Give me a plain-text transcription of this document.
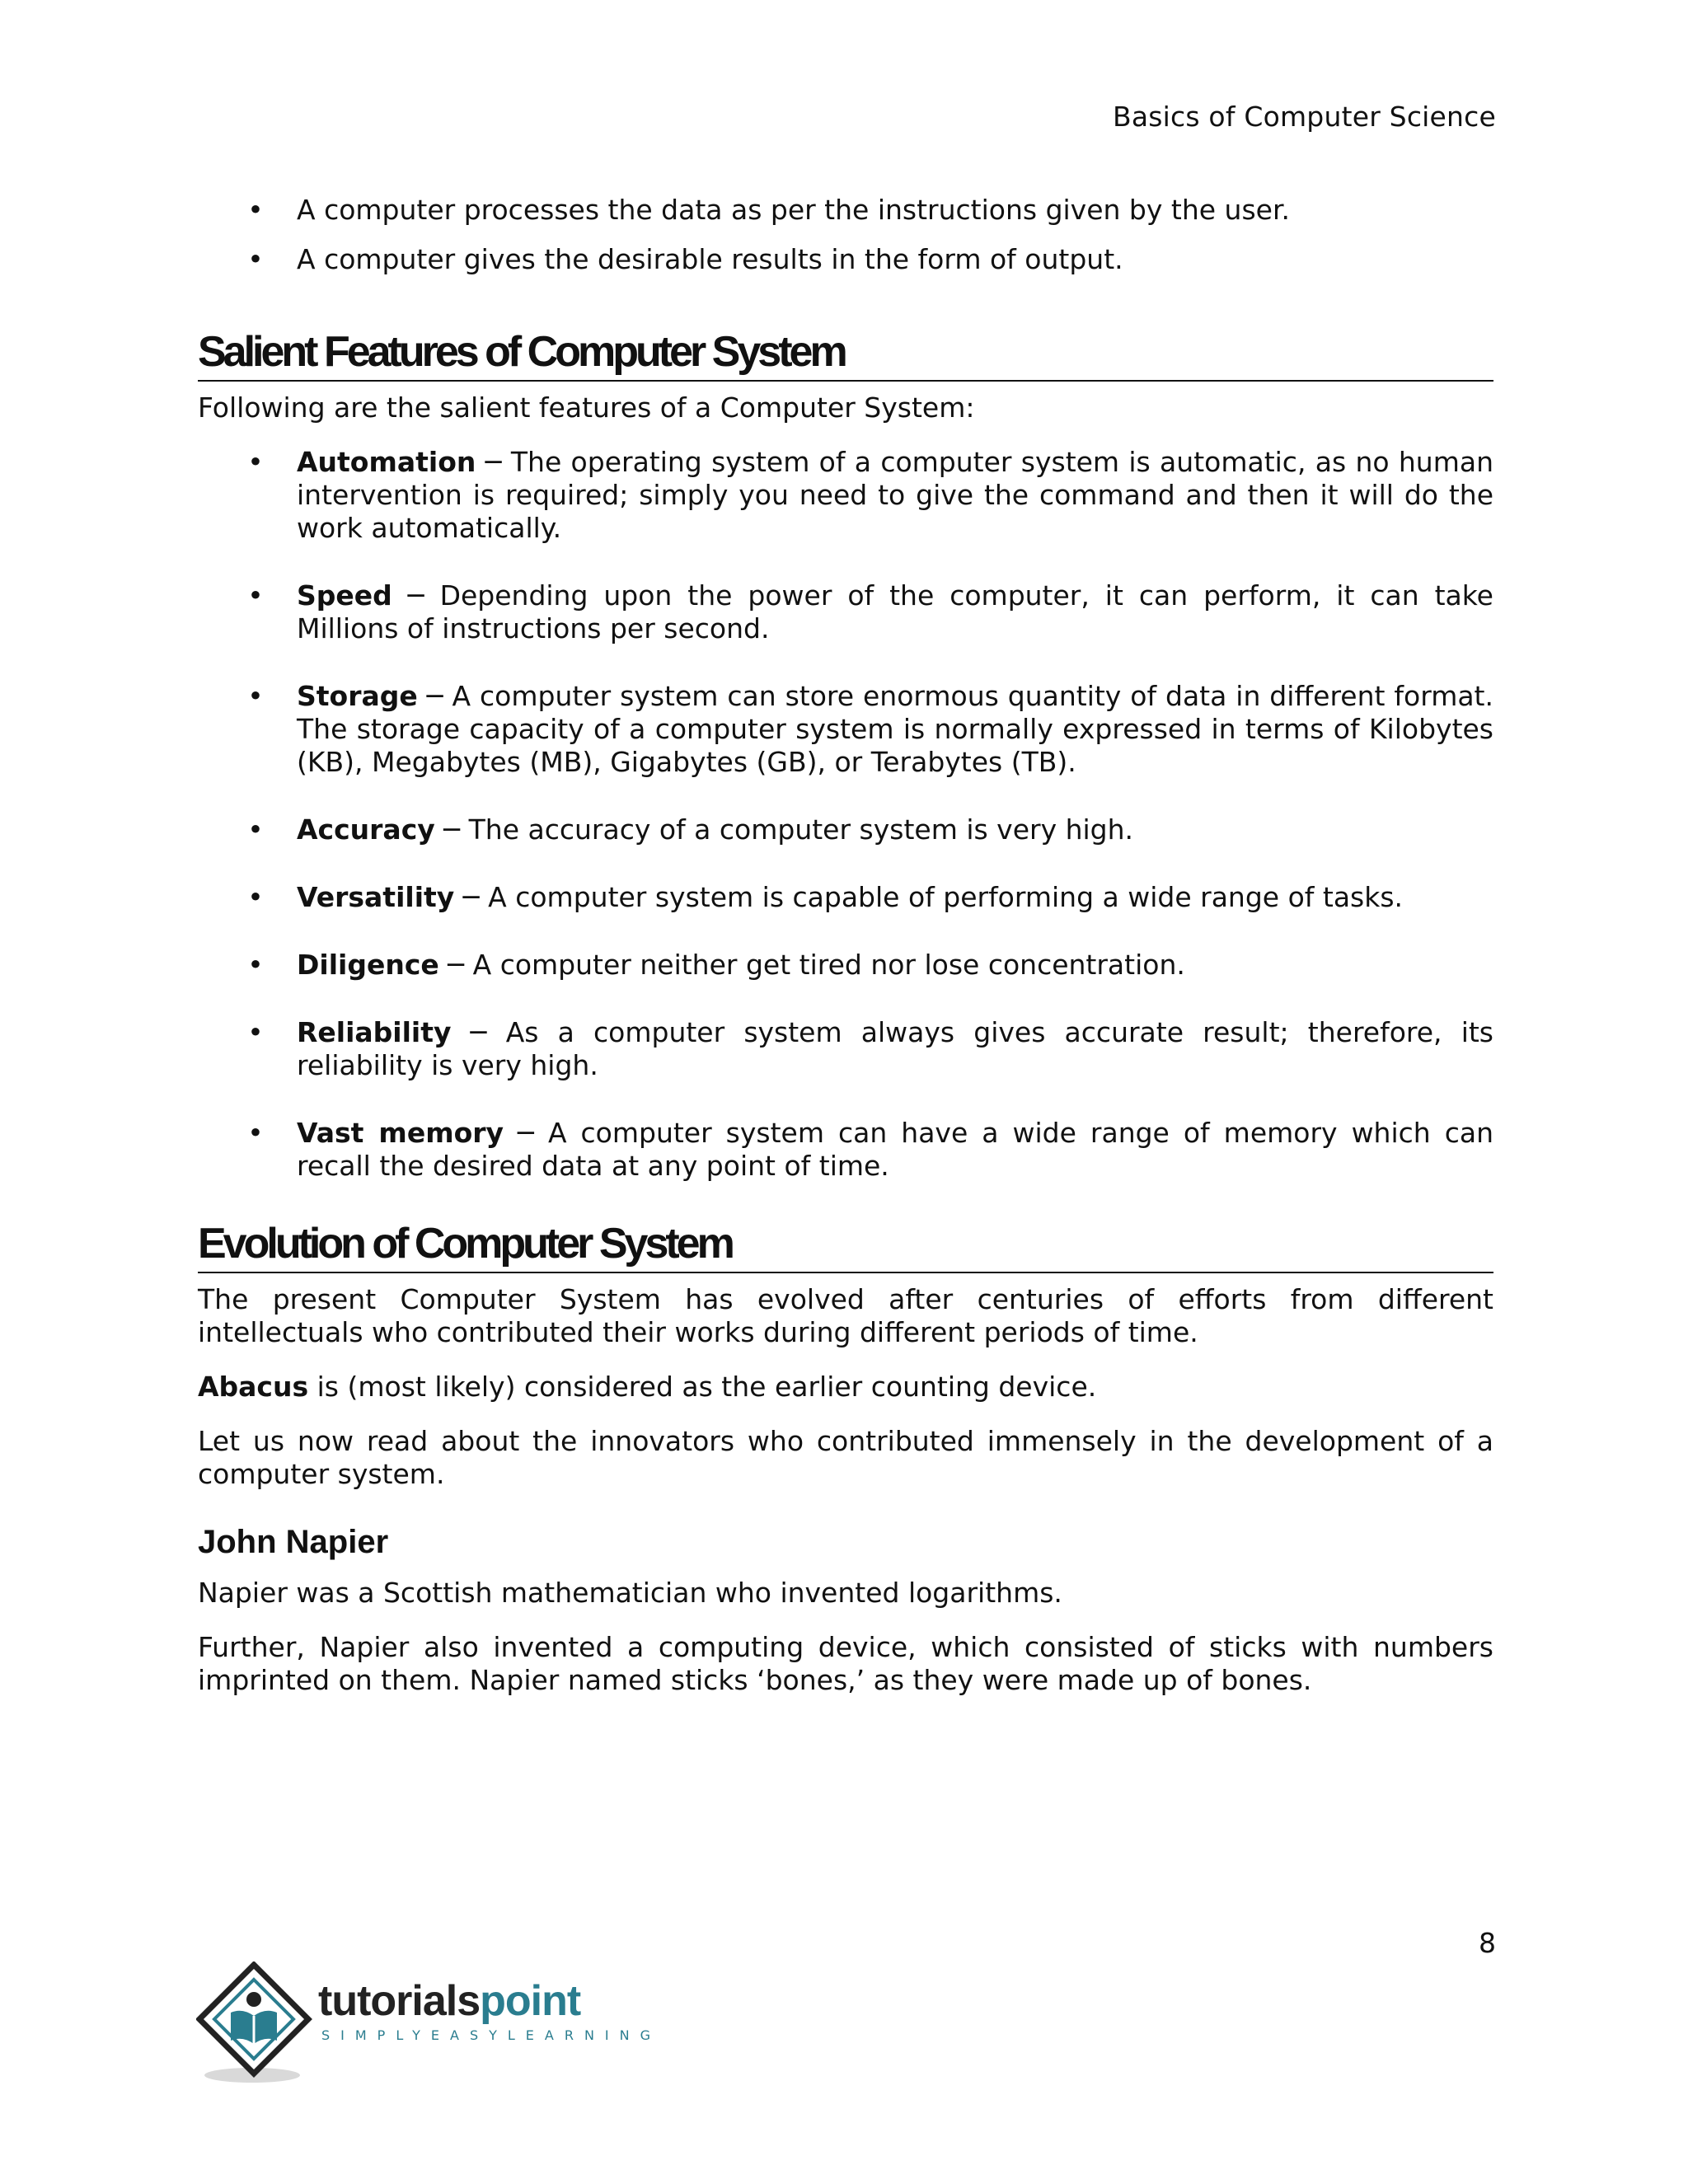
Basics of Computer Science
• A computer processes the data as per the instructions given by the user.
• A computer gives the desirable results in the form of output.
Salient Features of Computer System

Following are the salient features of a Computer System:

• Automation ─ The operating system of a computer system is automatic, as no human intervention is required; simply you need to give the command and then it will do the work automatically.
• Speed ─ Depending upon the power of the computer, it can perform, it can take Millions of instructions per second.
• Storage ─ A computer system can store enormous quantity of data in different format. The storage capacity of a computer system is normally expressed in terms of Kilobytes (KB), Megabytes (MB), Gigabytes (GB), or Terabytes (TB).
• Accuracy ─ The accuracy of a computer system is very high.
• Versatility ─ A computer system is capable of performing a wide range of tasks.
• Diligence ─ A computer neither get tired nor lose concentration.
• Reliability ─ As a computer system always gives accurate result; therefore, its reliability is very high.
• Vast memory ─ A computer system can have a wide range of memory which can recall the desired data at any point of time.
Evolution of Computer System

The present Computer System has evolved after centuries of efforts from different intellectuals who contributed their works during different periods of time.

Abacus is (most likely) considered as the earlier counting device.

Let us now read about the innovators who contributed immensely in the development of a computer system.

John Napier

Napier was a Scottish mathematician who invented logarithms.

Further, Napier also invented a computing device, which consisted of sticks with numbers imprinted on them. Napier named sticks ‘bones,’ as they were made up of bones.

8
tutorialspoint
SIMPLYEASYLEARNING
